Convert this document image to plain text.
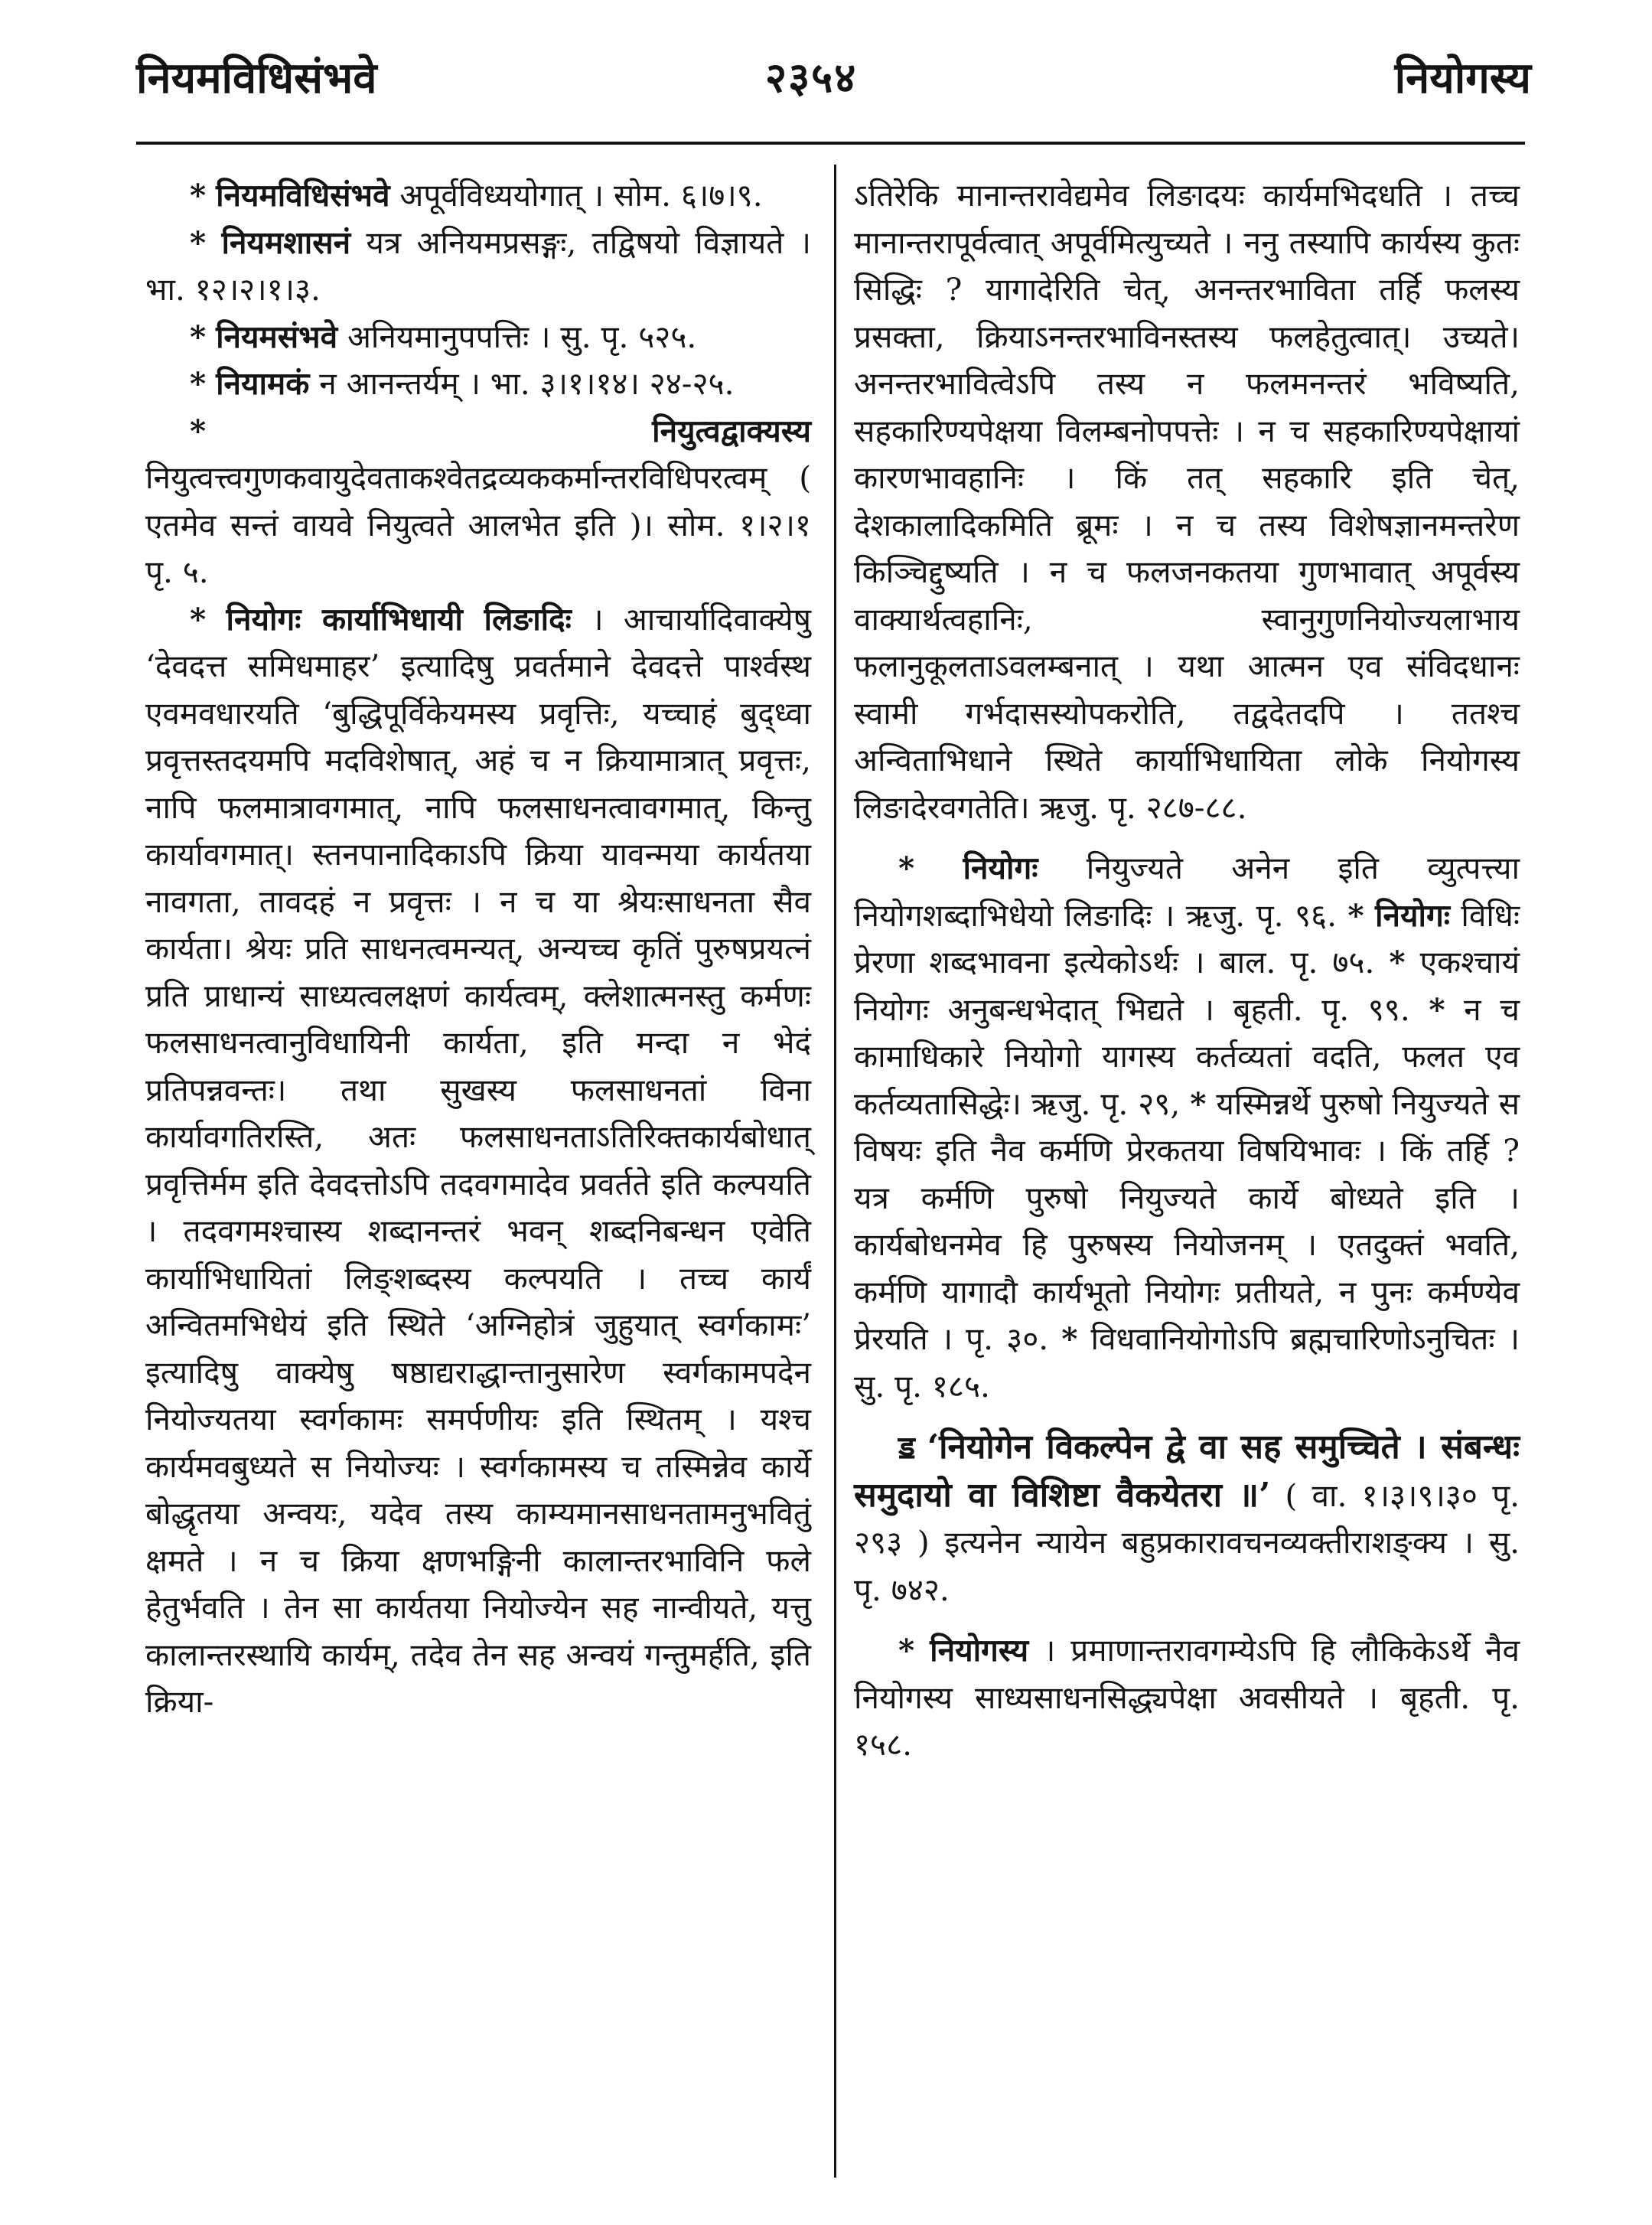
नियमविधिसंभवे	२३५४	नियोगस्य

* नियमविधिसंभवे अपूर्वविध्ययोगात् । सोम. ६।७।९.

* नियमशासनं यत्र अनियमप्रसङ्गः, तद्विषयो विज्ञायते । भा. १२।२।१।३.

* नियमसंभवे अनियमानुपपत्तिः । सु. पृ. ५२५.

* नियामकं न आनन्तर्यम् । भा. ३।१।१४। २४-२५.

*	नियुत्वद्वाक्यस्य नियुत्वत्त्वगुणकवायुदेवताकश्वेतद्रव्यककर्मान्तरविधिपरत्वम् ( एतमेव सन्तं वायवे नियुत्वते आलभेत इति )। सोम. १।२।१ पृ. ५.

* नियोगः कार्याभिधायी लिङादिः । आचार्यादिवाक्येषु ‘देवदत्त समिधमाहर’ इत्यादिषु प्रवर्तमाने देवदत्ते पार्श्वस्थ एवमवधारयति ‘बुद्धिपूर्विकेयमस्य प्रवृत्तिः, यच्चाहं बुद्ध्वा प्रवृत्तस्तदयमपि मदविशेषात्, अहं च न क्रियामात्रात् प्रवृत्तः, नापि फलमात्रावगमात्, नापि फलसाधनत्वावगमात्, किन्तु कार्यावगमात्। स्तनपानादिकाऽपि क्रिया यावन्मया कार्यतया नावगता, तावदहं न प्रवृत्तः । न च या श्रेयःसाधनता सैव कार्यता। श्रेयः प्रति साधनत्वमन्यत्, अन्यच्च कृतिं पुरुषप्रयत्नं प्रति प्राधान्यं साध्यत्वलक्षणं कार्यत्वम्, क्लेशात्मनस्तु कर्मणः फलसाधनत्वानुविधायिनी कार्यता, इति मन्दा न भेदं प्रतिपन्नवन्तः। तथा सुखस्य फलसाधनतां विना कार्यावगतिरस्ति, अतः फलसाधनताऽतिरिक्तकार्यबोधात् प्रवृत्तिर्मम इति देवदत्तोऽपि तदवगमादेव प्रवर्तते इति कल्पयति । तदवगमश्चास्य शब्दानन्तरं भवन् शब्दनिबन्धन एवेति कार्याभिधायितां लिङ्शब्दस्य कल्पयति । तच्च कार्यं अन्वितमभिधेयं इति स्थिते ‘अग्निहोत्रं जुहुयात् स्वर्गकामः’ इत्यादिषु वाक्येषु षष्ठाद्यराद्धान्तानुसारेण स्वर्गकामपदेन नियोज्यतया स्वर्गकामः समर्पणीयः इति स्थितम् । यश्च कार्यमवबुध्यते स नियोज्यः । स्वर्गकामस्य च तस्मिन्नेव कार्ये बोद्धृतया अन्वयः, यदेव तस्य काम्यमानसाधनतामनुभवितुं क्षमते । न च क्रिया क्षणभङ्गिनी कालान्तरभाविनि फले हेतुर्भवति । तेन सा कार्यतया नियोज्येन सह नान्वीयते, यत्तु कालान्तरस्थायि कार्यम्, तदेव तेन सह अन्वयं गन्तुमर्हति, इति क्रिया-

ऽतिरेकि मानान्तरावेद्यमेव लिङादयः कार्यमभिदधति । तच्च मानान्तरापूर्वत्वात् अपूर्वमित्युच्यते । ननु तस्यापि कार्यस्य कुतः सिद्धिः ? यागादेरिति चेत्, अनन्तरभाविता तर्हि फलस्य प्रसक्ता, क्रियाऽनन्तरभाविनस्तस्य फलहेतुत्वात्। उच्यते। अनन्तरभावित्वेऽपि तस्य न फलमनन्तरं भविष्यति, सहकारिण्यपेक्षया विलम्बनोपपत्तेः । न च सहकारिण्यपेक्षायां कारणभावहानिः । किं तत् सहकारि इति चेत्, देशकालादिकमिति ब्रूमः । न च तस्य विशेषज्ञानमन्तरेण किञ्चिद्दुष्यति । न च फलजनकतया गुणभावात् अपूर्वस्य वाक्यार्थत्वहानिः, स्वानुगुणनियोज्यलाभाय फलानुकूलताऽवलम्बनात् । यथा आत्मन एव संविदधानः स्वामी गर्भदासस्योपकरोति, तद्वदेतदपि । ततश्च अन्विताभिधाने स्थिते कार्याभिधायिता लोके नियोगस्य लिङादेरवगतेति। ऋजु. पृ. २८७-८८.

* नियोगः नियुज्यते अनेन इति व्युत्पत्त्या नियोगशब्दाभिधेयो लिङादिः । ऋजु. पृ. ९६. * नियोगः विधिः प्रेरणा शब्दभावना इत्येकोऽर्थः । बाल. पृ. ७५. * एकश्चायं नियोगः अनुबन्धभेदात् भिद्यते । बृहती. पृ. ९९. * न च कामाधिकारे नियोगो यागस्य कर्तव्यतां वदति, फलत एव कर्तव्यतासिद्धेः। ऋजु. पृ. २९, * यस्मिन्नर्थे पुरुषो नियुज्यते स विषयः इति नैव कर्मणि प्रेरकतया विषयिभावः । किं तर्हि ? यत्र कर्मणि पुरुषो नियुज्यते कार्ये बोध्यते इति । कार्यबोधनमेव हि पुरुषस्य नियोजनम् । एतदुक्तं भवति, कर्मणि यागादौ कार्यभूतो नियोगः प्रतीयते, न पुनः कर्मण्येव प्रेरयति । पृ. ३०. * विधवानियोगोऽपि ब्रह्मचारिणोऽनुचितः । सु. पृ. १८५.

ॾ ‘नियोगेन विकल्पेन द्वे वा सह समुच्चिते । संबन्धः समुदायो वा विशिष्टा वैकयेतरा ॥’ ( वा. १।३।९।३० पृ. २९३ ) इत्यनेन न्यायेन बहुप्रकारावचनव्यक्तीराशङ्क्य । सु. पृ. ७४२.

* नियोगस्य । प्रमाणान्तरावगम्येऽपि हि लौकिकेऽर्थे नैव नियोगस्य साध्यसाधनसिद्ध्यपेक्षा अवसीयते । बृहती. पृ. १५८.
